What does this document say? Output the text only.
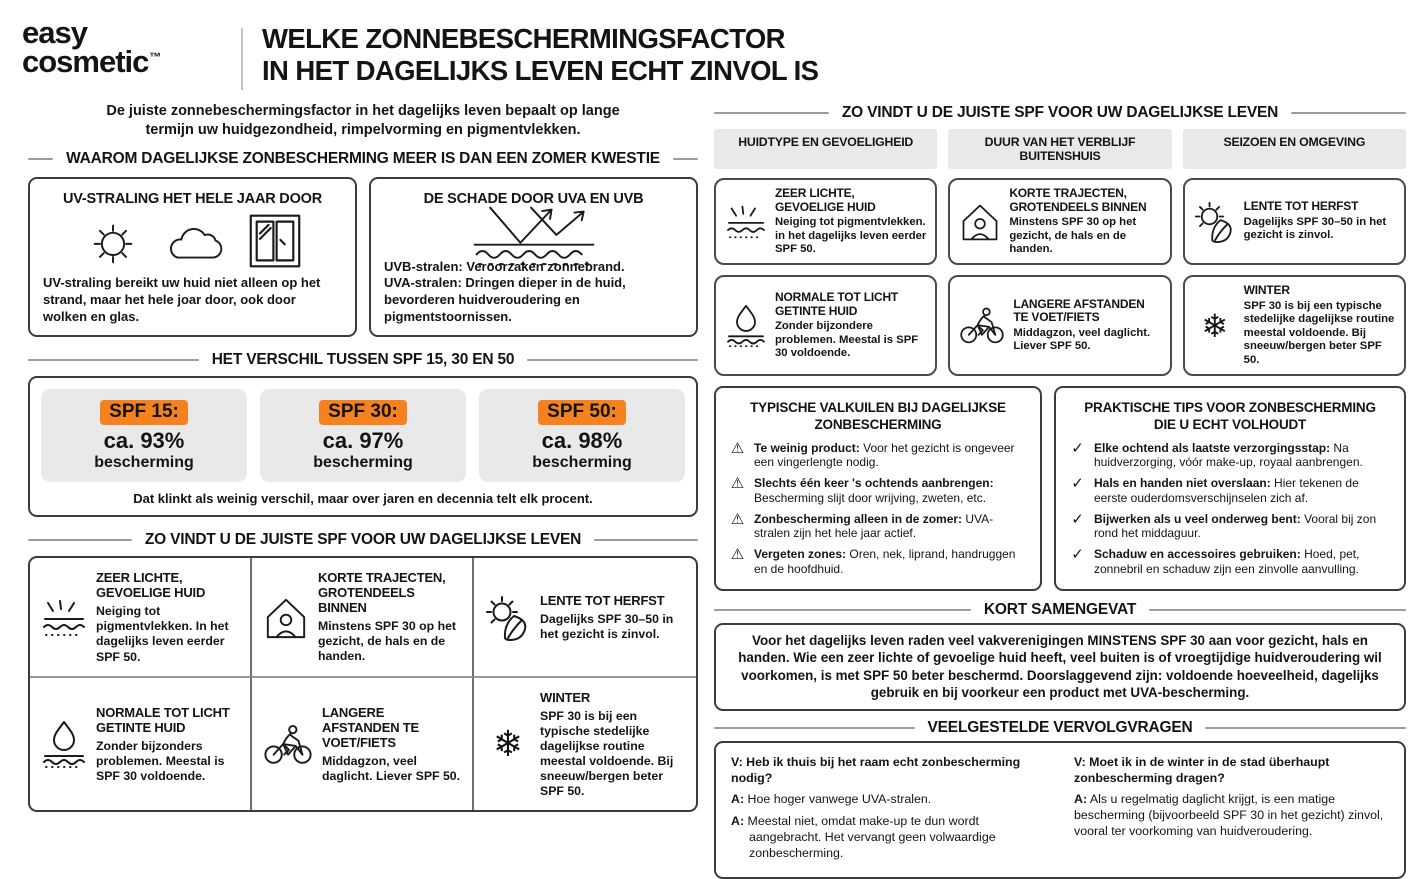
easy
cosmetic™
WELKE ZONNEBESCHERMINGSFACTOR
IN HET DAGELIJKS LEVEN ECHT ZINVOL IS
De juiste zonnebeschermingsfactor in het dagelijks leven bepaalt op lange termijn uw huidgezondheid, rimpelvorming en pigmentvlekken.
WAAROM DAGELIJKSE ZONBESCHERMING MEER IS DAN EEN ZOMER KWESTIE
UV-STRALING HET HELE JAAR DOOR
UV-straling bereikt uw huid niet alleen op het strand, maar het hele joar door, ook door wolken en glas.
DE SCHADE DOOR UVA EN UVB
UVB-stralen: Veroorzaken zonnebrand.
UVA-stralen: Dringen dieper in de huid, bevorderen huidveroudering en pigmentstoornissen.
HET VERSCHIL TUSSEN SPF 15, 30 EN 50
SPF 15:
ca. 93%
bescherming
SPF 30:
ca. 97%
bescherming
SPF 50:
ca. 98%
bescherming
Dat klinkt als weinig verschil, maar over jaren en decennia telt elk procent.
ZO VINDT U DE JUISTE SPF VOOR UW DAGELIJKSE LEVEN
ZEER LICHTE, GEVOELIGE HUID

Neiging tot pigmentvlekken. In het dagelijks leven eerder SPF 50.

KORTE TRAJECTEN, GROTENDEELS BINNEN

Minstens SPF 30 op het gezicht, de hals en de handen.

LENTE TOT HERFST

Dagelijks SPF 30–50 in het gezicht is zinvol.

NORMALE TOT LICHT GETINTE HUID

Zonder bijzonders problemen. Meestal is SPF 30 voldoende.

LANGERE AFSTANDEN TE VOET/FIETS

Middagzon, veel daglicht. Liever SPF 50.

❄
WINTER

SPF 30 is bij een typische stedelijke dagelijkse routine meestal voldoende. Bij sneeuw/bergen beter SPF 50.

ZO VINDT U DE JUISTE SPF VOOR UW DAGELIJKSE LEVEN
HUIDTYPE EN GEVOELIGHEID	DUUR VAN HET VERBLIJF BUITENSHUIS
SEIZOEN EN OMGEVING
ZEER LICHTE, GEVOELIGE HUID

Neiging tot pigmentvlekken. in het dagelijks leven eerder SPF 50.

KORTE TRAJECTEN, GROTENDEELS BINNEN

Minstens SPF 30 op het gezicht, de hals en de handen.

LENTE TOT HERFST

Dagelijks SPF 30–50 in het gezicht is zinvol.

NORMALE TOT LICHT GETINTE HUID

Zonder bijzondere problemen. Meestal is SPF 30 voldoende.

LANGERE AFSTANDEN TE VOET/FIETS

Middagzon, veel daglicht. Liever SPF 50.

❄
WINTER

SPF 30 is bij een typische stedelijke dagelijkse routine meestal voldoende. Bij sneeuw/bergen beter SPF 50.

TYPISCHE VALKUILEN BIJ DAGELIJKSE ZONBESCHERMING
⚠ Te weinig product: Voor het gezicht is ongeveer een vingerlengte nodig.
⚠ Slechts één keer 's ochtends aanbrengen: Bescherming slijt door wrijving, zweten, etc.
⚠ Zonbescherming alleen in de zomer: UVA-stralen zijn het hele jaar actief.
⚠ Vergeten zones: Oren, nek, liprand, handruggen en de hoofdhuid.
PRAKTISCHE TIPS VOOR ZONBESCHERMING DIE U ECHT VOLHOUDT
✓ Elke ochtend als laatste verzorgingsstap: Na huidverzorging, vóór make-up, royaal aanbrengen.
✓ Hals en handen niet overslaan: Hier tekenen de eerste ouderdomsverschijnselen zich af.
✓ Bijwerken als u veel onderweg bent: Vooral bij zon rond het middaguur.
✓ Schaduw en accessoires gebruiken: Hoed, pet, zonnebril en schaduw zijn een zinvolle aanvulling.
KORT SAMENGEVAT
Voor het dagelijks leven raden veel vakverenigingen MINSTENS SPF 30 aan voor gezicht, hals en handen. Wie een zeer lichte of gevoelige huid heeft, veel buiten is of vroegtijdige huidveroudering wil voorkomen, is met SPF 50 beter beschermd. Doorslaggevend zijn: voldoende hoeveelheid, dagelijks gebruik en bij voorkeur een product met UVA-bescherming.
VEELGESTELDE VERVOLGVRAGEN
V: Heb ik thuis bij het raam echt zonbescherming nodig?
A: Hoe hoger vanwege UVA-stralen.
A: Meestal niet, omdat make-up te dun wordt aangebracht. Het vervangt geen volwaardige zonbescherming.
V: Moet ik in de winter in de stad überhaupt zonbescherming dragen?
A: Als u regelmatig daglicht krijgt, is een matige bescherming (bijvoorbeeld SPF 30 in het gezicht) zinvol, vooral ter voorkoming van huidveroudering.
